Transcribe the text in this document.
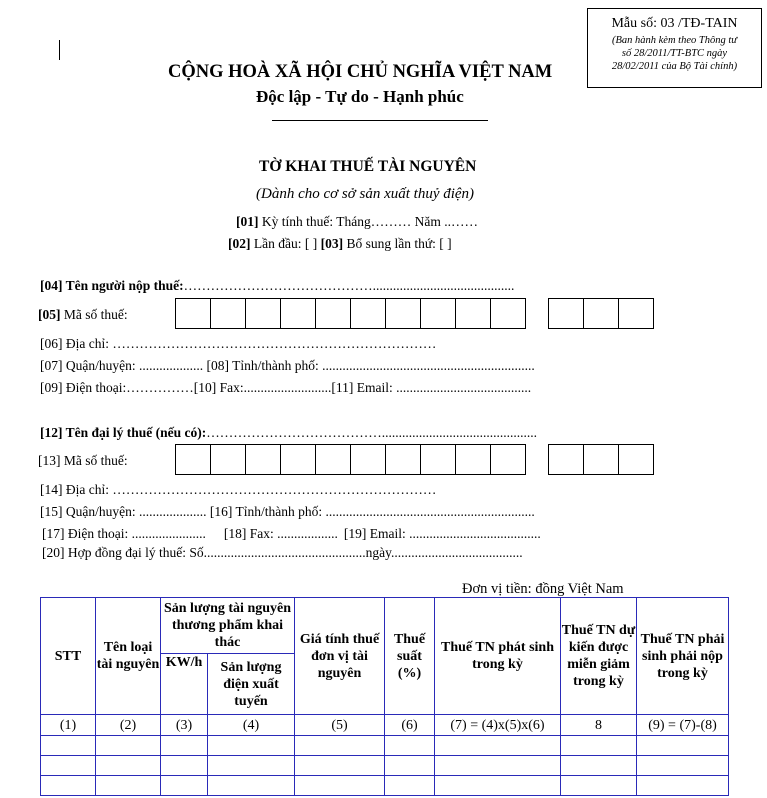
Mẫu số: 03 /TĐ-TAIN
(Ban hành kèm theo Thông tư
số 28/2011/TT-BTC ngày
28/02/2011 của Bộ Tài chính)
CỘNG HOÀ XÃ HỘI CHỦ NGHĨA VIỆT NAM
Độc lập - Tự do - Hạnh phúc
TỜ KHAI THUẾ TÀI NGUYÊN
(Dành cho cơ sở sản xuất thuỷ điện)
[01] Kỳ tính thuế: Tháng……… Năm ..……
[02] Lần đầu: [ ] [03] Bổ sung lần thứ: [ ]
[04] Tên người nộp thuế:……………………………………..........................................
[05] Mã số thuế:
[06] Địa chỉ: ………………………………………………………………
[07] Quận/huyện: ................... [08] Tỉnh/thành phố: ...............................................................
[09] Điện thoại:……………[10] Fax:..........................[11] Email: ........................................
[12] Tên đại lý thuế (nếu có):…………………………………..............................................
[13] Mã số thuế:
[14] Địa chỉ: ………………………………………………………………
[15] Quận/huyện: .................... [16] Tỉnh/thành phố: ..............................................................
[17] Điện thoại: ...................... [18] Fax: .................. [19] Email: .......................................
[20] Hợp đồng đại lý thuế: Số................................................ngày.......................................
Đơn vị tiền: đồng Việt Nam
STT	Tên loại tài nguyên	Sản lượng tài nguyên thương phẩm khai thác		Giá tính thuế đơn vị tài nguyên	Thuế suất (%)	Thuế TN phát sinh trong kỳ	Thuế TN dự kiến được miễn giảm trong kỳ	Thuế TN phải sinh phải nộp trong kỳ
		KW/h	Sản lượng điện xuất tuyến					
(1)	(2)	(3)	(4)	(5)	(6)	(7) = (4)x(5)x(6)	8	(9) = (7)-(8)
